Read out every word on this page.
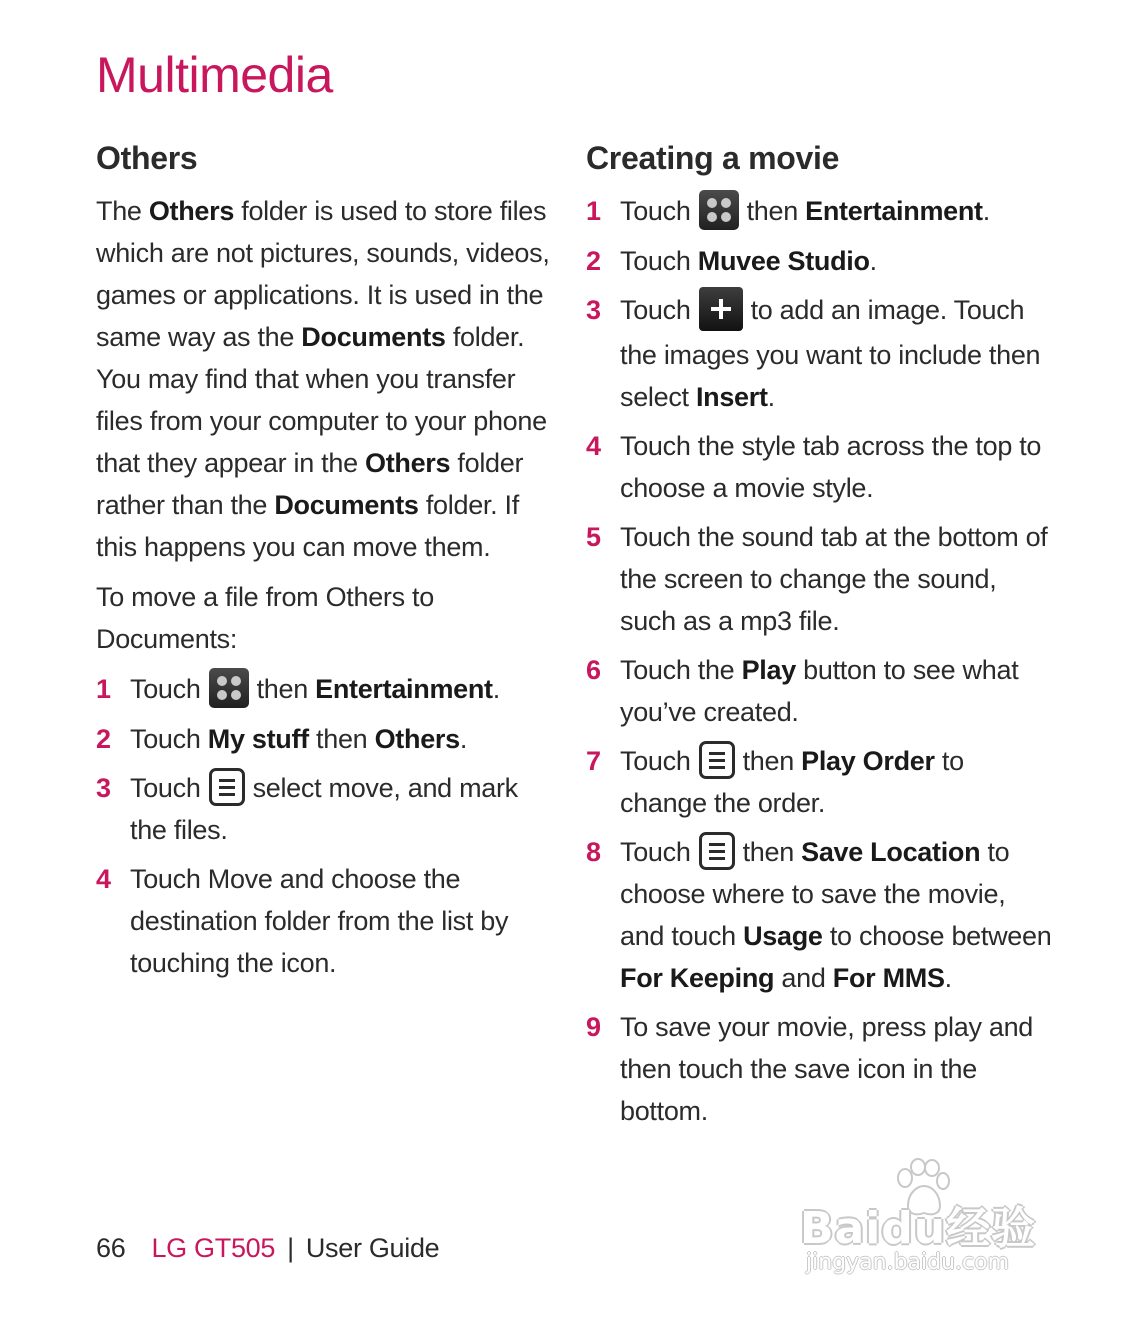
Multimedia
Others

The Others folder is used to store files which are not pictures, sounds, videos, games or applications. It is used in the same way as the Documents folder. You may find that when you transfer files from your computer to your phone that they appear in the Others folder rather than the Documents folder. If this happens you can move them.

To move a file from Others to Documents:

1 Touch then Entertainment.
2 Touch My stuff then Others.
3 Touch select move, and mark the files.
4 Touch Move and choose the destination folder from the list by touching the icon.
Creating a movie
1 Touch then Entertainment.
2 Touch Muvee Studio.
3 Touch to add an image. Touch the images you want to include then select Insert.
4 Touch the style tab across the top to choose a movie style.
5 Touch the sound tab at the bottom of the screen to change the sound, such as a mp3 file.
6 Touch the Play button to see what you’ve created.
7 Touch then Play Order to change the order.
8 Touch then Save Location to choose where to save the movie, and touch Usage to choose between For Keeping and For MMS.
9 To save your movie, press play and then touch the save icon in the bottom.
66 LG GT505 | User Guide	Baidu经验
jingyan.baidu.com
